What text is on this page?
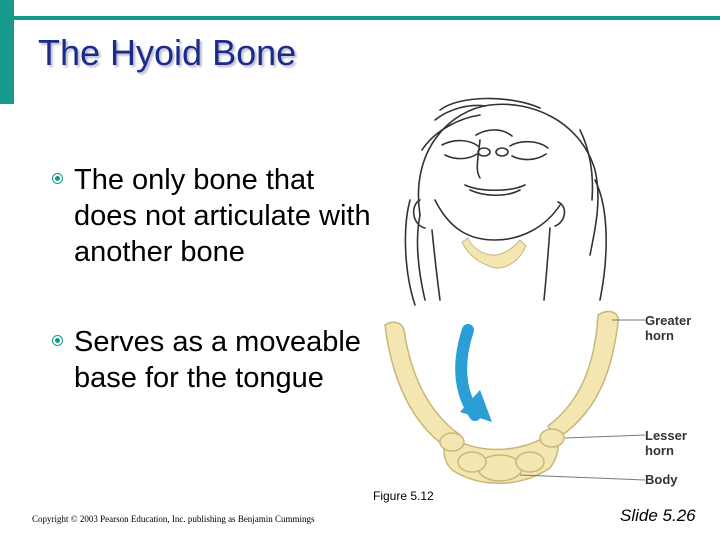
The Hyoid Bone
The only bone that does not articulate with another bone
Serves as a moveable base for the tongue
Greater horn
Lesser horn
Body
Figure 5.12
Copyright © 2003 Pearson Education, Inc. publishing as Benjamin Cummings	Slide 5.26
